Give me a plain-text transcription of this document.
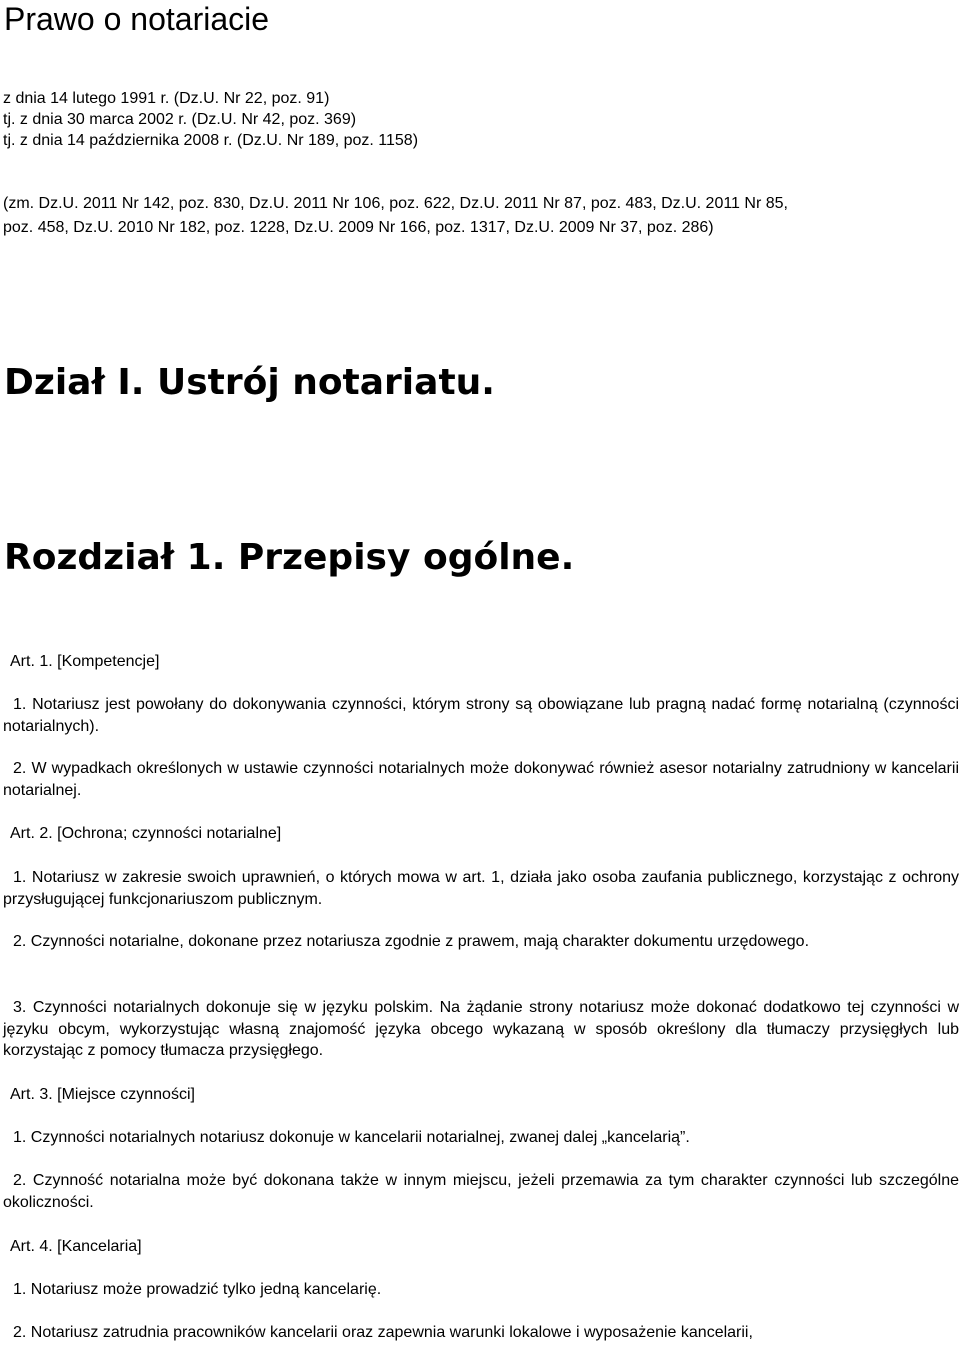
Prawo o notariacie
z dnia 14 lutego 1991 r. (Dz.U. Nr 22, poz. 91)
tj. z dnia 30 marca 2002 r. (Dz.U. Nr 42, poz. 369)
tj. z dnia 14 października 2008 r. (Dz.U. Nr 189, poz. 1158)
(zm. Dz.U. 2011 Nr 142, poz. 830, Dz.U. 2011 Nr 106, poz. 622, Dz.U. 2011 Nr 87, poz. 483, Dz.U. 2011 Nr 85,
poz. 458, Dz.U. 2010 Nr 182, poz. 1228, Dz.U. 2009 Nr 166, poz. 1317, Dz.U. 2009 Nr 37, poz. 286)
Dział I. Ustrój notariatu.
Rozdział 1. Przepisy ogólne.
Art. 1. [Kompetencje]

1. Notariusz jest powołany do dokonywania czynności, którym strony są obowiązane lub pragną nadać formę notarialną (czynności notarialnych).

2. W wypadkach określonych w ustawie czynności notarialnych może dokonywać również asesor notarialny zatrudniony w kancelarii notarialnej.

Art. 2. [Ochrona; czynności notarialne]

1. Notariusz w zakresie swoich uprawnień, o których mowa w art. 1, działa jako osoba zaufania publicznego, korzystając z ochrony przysługującej funkcjonariuszom publicznym.

2. Czynności notarialne, dokonane przez notariusza zgodnie z prawem, mają charakter dokumentu urzędowego.

3. Czynności notarialnych dokonuje się w języku polskim. Na żądanie strony notariusz może dokonać dodatkowo tej czynności w języku obcym, wykorzystując własną znajomość języka obcego wykazaną w sposób określony dla tłumaczy przysięgłych lub korzystając z pomocy tłumacza przysięgłego.

Art. 3. [Miejsce czynności]

1. Czynności notarialnych notariusz dokonuje w kancelarii notarialnej, zwanej dalej „kancelarią”.

2. Czynność notarialna może być dokonana także w innym miejscu, jeżeli przemawia za tym charakter czynności lub szczególne okoliczności.

Art. 4. [Kancelaria]

1. Notariusz może prowadzić tylko jedną kancelarię.

2. Notariusz zatrudnia pracowników kancelarii oraz zapewnia warunki lokalowe i wyposażenie kancelarii,
